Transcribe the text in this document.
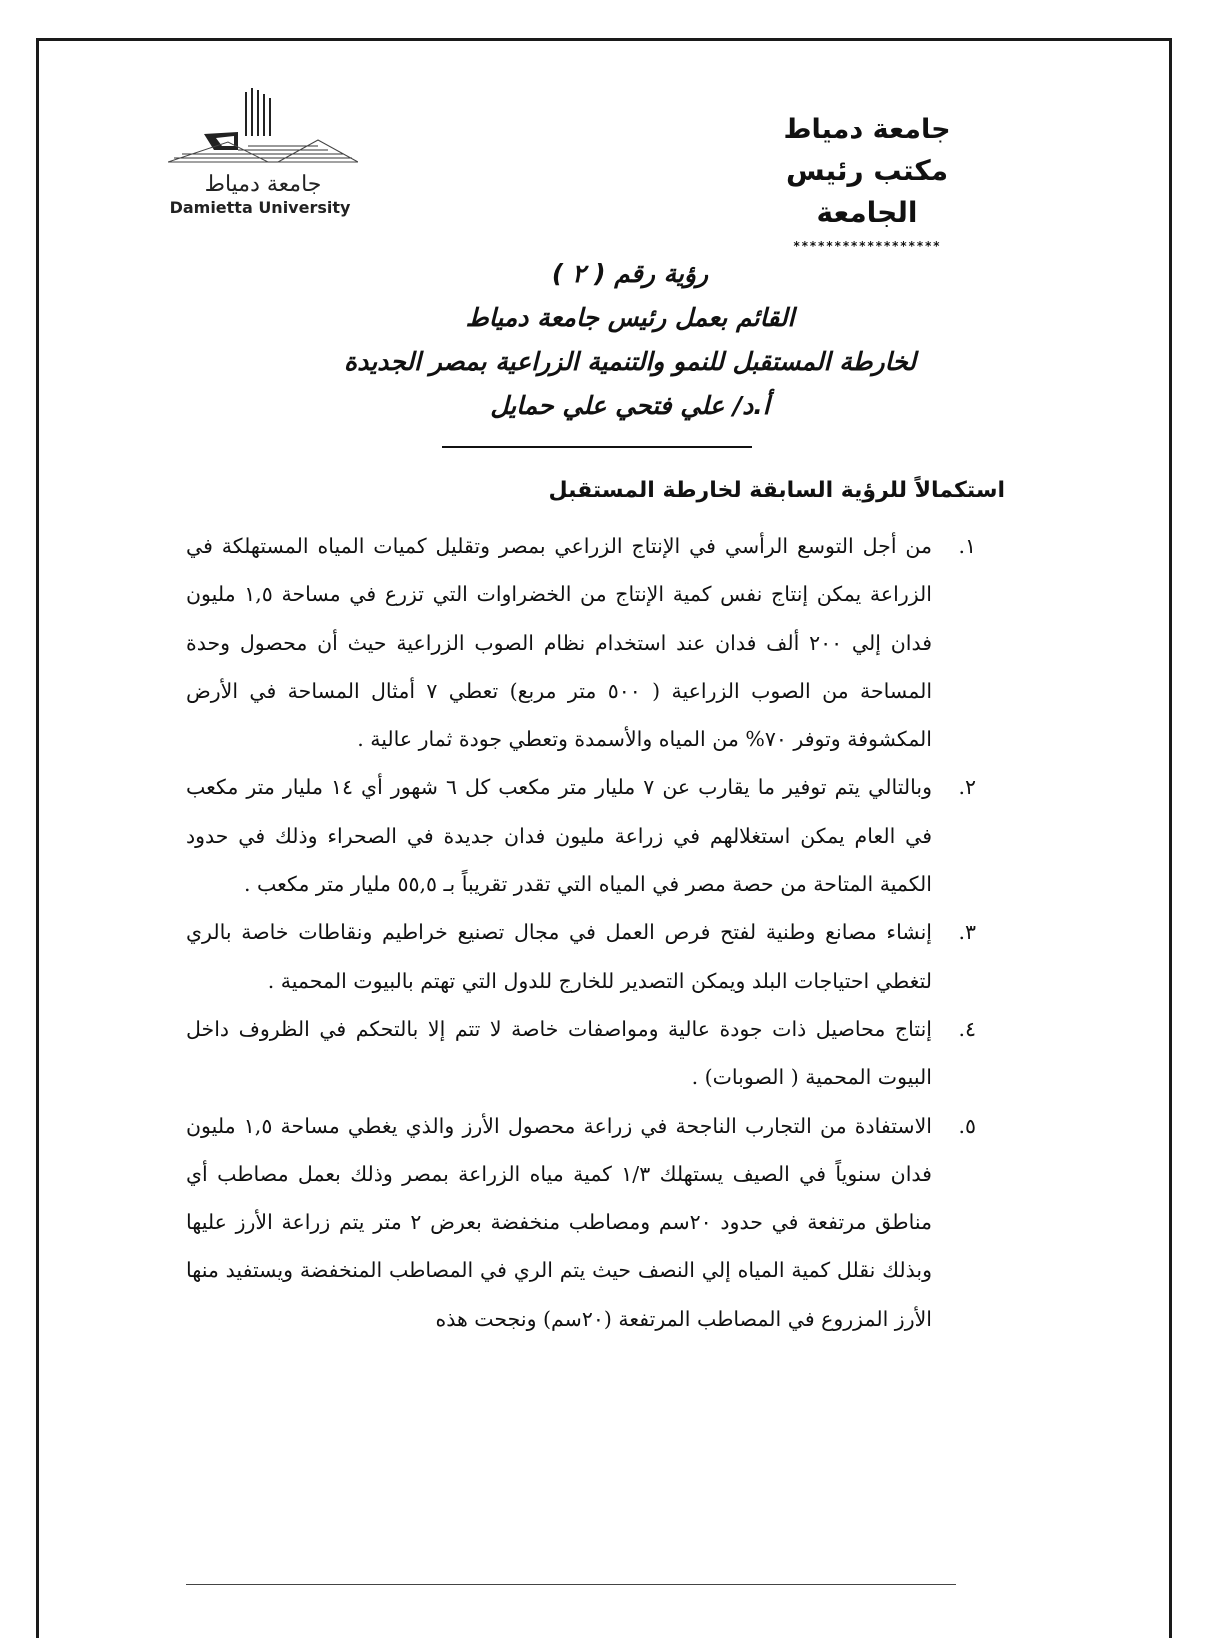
جامعة دمياط
Damietta University
جامعة دمياط
مكتب رئيس الجامعة
******************
رؤية رقم ( ٢ )
القائم بعمل رئيس جامعة دمياط
لخارطة المستقبل للنمو والتنمية الزراعية بمصر الجديدة
أ.د/ علي فتحي علي حمايل
استكمالاً للرؤية السابقة لخارطة المستقبل
١.
من أجل التوسع الرأسي في الإنتاج الزراعي بمصر وتقليل كميات المياه المستهلكة في الزراعة يمكن إنتاج نفس كمية الإنتاج من الخضراوات التي تزرع في مساحة ١,٥ مليون فدان إلي ٢٠٠ ألف فدان عند استخدام نظام الصوب الزراعية حيث أن محصول وحدة المساحة من الصوب الزراعية ( ٥٠٠ متر مربع) تعطي ٧ أمثال المساحة في الأرض المكشوفة وتوفر ٧٠% من المياه والأسمدة وتعطي جودة ثمار عالية .
٢.
وبالتالي يتم توفير ما يقارب عن ٧ مليار متر مكعب كل ٦ شهور أي ١٤ مليار متر مكعب في العام يمكن استغلالهم في زراعة مليون فدان جديدة في الصحراء وذلك في حدود الكمية المتاحة من حصة مصر في المياه التي تقدر تقريباً بـ ٥٥,٥ مليار متر مكعب .
٣.
إنشاء مصانع وطنية لفتح فرص العمل في مجال تصنيع خراطيم ونقاطات خاصة بالري لتغطي احتياجات البلد ويمكن التصدير للخارج للدول التي تهتم بالبيوت المحمية .
٤.
إنتاج محاصيل ذات جودة عالية ومواصفات خاصة لا تتم إلا بالتحكم في الظروف داخل البيوت المحمية ( الصوبات) .
٥.
الاستفادة من التجارب الناجحة في زراعة محصول الأرز والذي يغطي مساحة ١,٥ مليون فدان سنوياً في الصيف يستهلك ١/٣ كمية مياه الزراعة بمصر وذلك بعمل مصاطب أي مناطق مرتفعة في حدود ٢٠سم ومصاطب منخفضة بعرض ٢ متر يتم زراعة الأرز عليها وبذلك نقلل كمية المياه إلي النصف حيث يتم الري في المصاطب المنخفضة ويستفيد منها الأرز المزروع في المصاطب المرتفعة (٢٠سم) ونجحت هذه
